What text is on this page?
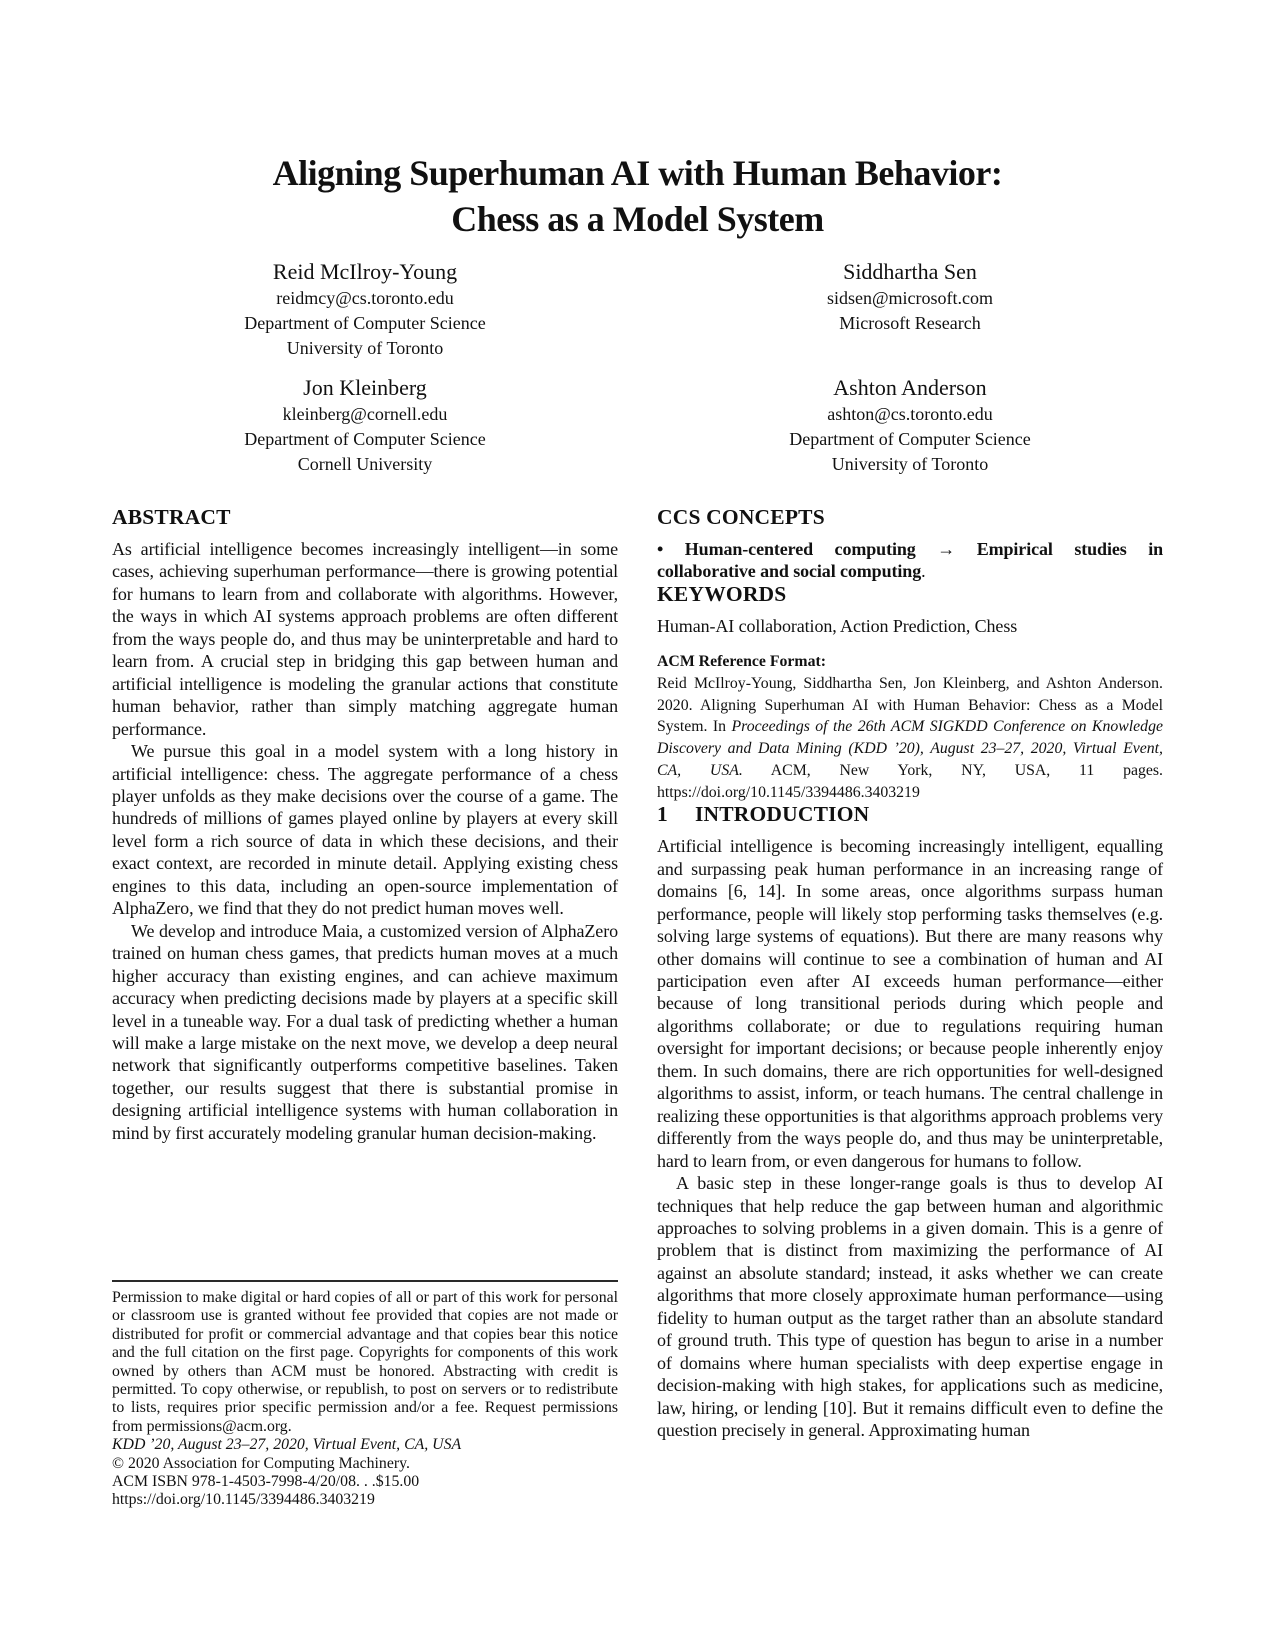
Aligning Superhuman AI with Human Behavior:
Chess as a Model System
Reid McIlroy-Young
reidmcy@cs.toronto.edu
Department of Computer Science
University of Toronto
Siddhartha Sen
sidsen@microsoft.com
Microsoft Research
Jon Kleinberg
kleinberg@cornell.edu
Department of Computer Science
Cornell University
Ashton Anderson
ashton@cs.toronto.edu
Department of Computer Science
University of Toronto
ABSTRACT

As artificial intelligence becomes increasingly intelligent—in some cases, achieving superhuman performance—there is growing potential for humans to learn from and collaborate with algorithms. However, the ways in which AI systems approach problems are often different from the ways people do, and thus may be uninterpretable and hard to learn from. A crucial step in bridging this gap between human and artificial intelligence is modeling the granular actions that constitute human behavior, rather than simply matching aggregate human performance.

We pursue this goal in a model system with a long history in artificial intelligence: chess. The aggregate performance of a chess player unfolds as they make decisions over the course of a game. The hundreds of millions of games played online by players at every skill level form a rich source of data in which these decisions, and their exact context, are recorded in minute detail. Applying existing chess engines to this data, including an open-source implementation of AlphaZero, we find that they do not predict human moves well.

We develop and introduce Maia, a customized version of AlphaZero trained on human chess games, that predicts human moves at a much higher accuracy than existing engines, and can achieve maximum accuracy when predicting decisions made by players at a specific skill level in a tuneable way. For a dual task of predicting whether a human will make a large mistake on the next move, we develop a deep neural network that significantly outperforms competitive baselines. Taken together, our results suggest that there is substantial promise in designing artificial intelligence systems with human collaboration in mind by first accurately modeling granular human decision-making.

Permission to make digital or hard copies of all or part of this work for personal or classroom use is granted without fee provided that copies are not made or distributed for profit or commercial advantage and that copies bear this notice and the full citation on the first page. Copyrights for components of this work owned by others than ACM must be honored. Abstracting with credit is permitted. To copy otherwise, or republish, to post on servers or to redistribute to lists, requires prior specific permission and/or a fee. Request permissions from permissions@acm.org.

KDD ’20, August 23–27, 2020, Virtual Event, CA, USA

© 2020 Association for Computing Machinery.

ACM ISBN 978-1-4503-7998-4/20/08. . .$15.00

https://doi.org/10.1145/3394486.3403219

CCS CONCEPTS

• Human-centered computing → Empirical studies in collaborative and social computing.

KEYWORDS

Human-AI collaboration, Action Prediction, Chess

ACM Reference Format:

Reid McIlroy-Young, Siddhartha Sen, Jon Kleinberg, and Ashton Anderson. 2020. Aligning Superhuman AI with Human Behavior: Chess as a Model System. In Proceedings of the 26th ACM SIGKDD Conference on Knowledge Discovery and Data Mining (KDD ’20), August 23–27, 2020, Virtual Event, CA, USA. ACM, New York, NY, USA, 11 pages. https://doi.org/10.1145/3394486.3403219

1 INTRODUCTION

Artificial intelligence is becoming increasingly intelligent, equalling and surpassing peak human performance in an increasing range of domains [6, 14]. In some areas, once algorithms surpass human performance, people will likely stop performing tasks themselves (e.g. solving large systems of equations). But there are many reasons why other domains will continue to see a combination of human and AI participation even after AI exceeds human performance—either because of long transitional periods during which people and algorithms collaborate; or due to regulations requiring human oversight for important decisions; or because people inherently enjoy them. In such domains, there are rich opportunities for well-designed algorithms to assist, inform, or teach humans. The central challenge in realizing these opportunities is that algorithms approach problems very differently from the ways people do, and thus may be uninterpretable, hard to learn from, or even dangerous for humans to follow.

A basic step in these longer-range goals is thus to develop AI techniques that help reduce the gap between human and algorithmic approaches to solving problems in a given domain. This is a genre of problem that is distinct from maximizing the performance of AI against an absolute standard; instead, it asks whether we can create algorithms that more closely approximate human performance—using fidelity to human output as the target rather than an absolute standard of ground truth. This type of question has begun to arise in a number of domains where human specialists with deep expertise engage in decision-making with high stakes, for applications such as medicine, law, hiring, or lending [10]. But it remains difficult even to define the question precisely in general. Approximating human
